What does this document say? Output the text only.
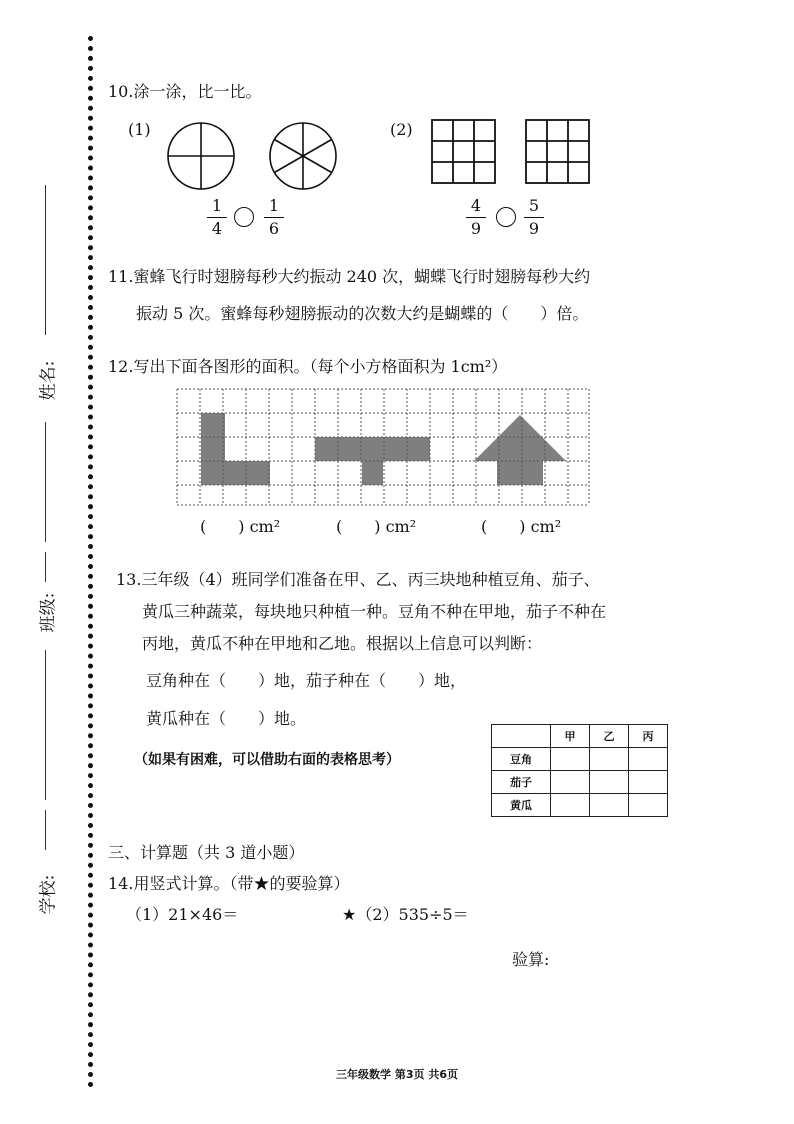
姓名:
班级:
学校:
10.涂一涂，比一比。
(1)	(2)
1
4
1
6
4
9
5
9
11.蜜蜂飞行时翅膀每秒大约振动 240 次，蝴蝶飞行时翅膀每秒大约
振动 5 次。蜜蜂每秒翅膀振动的次数大约是蝴蝶的（　　）倍。
12.写出下面各图形的面积。（每个小方格面积为 1cm²）
(　　) cm²	(　　) cm²	(　　) cm²
13.三年级（4）班同学们准备在甲、乙、丙三块地种植豆角、茄子、
黄瓜三种蔬菜，每块地只种植一种。豆角不种在甲地，茄子不种在
丙地，黄瓜不种在甲地和乙地。根据以上信息可以判断：
豆角种在（　　）地，茄子种在（　　）地，
黄瓜种在（　　）地。
（如果有困难，可以借助右面的表格思考）
	甲	乙	丙
豆角			
茄子			
黄瓜			
三、计算题（共 3 道小题）
14.用竖式计算。（带★的要验算）
（1）21×46＝	★（2）535÷5＝
验算:
三年级数学 第3页 共6页
